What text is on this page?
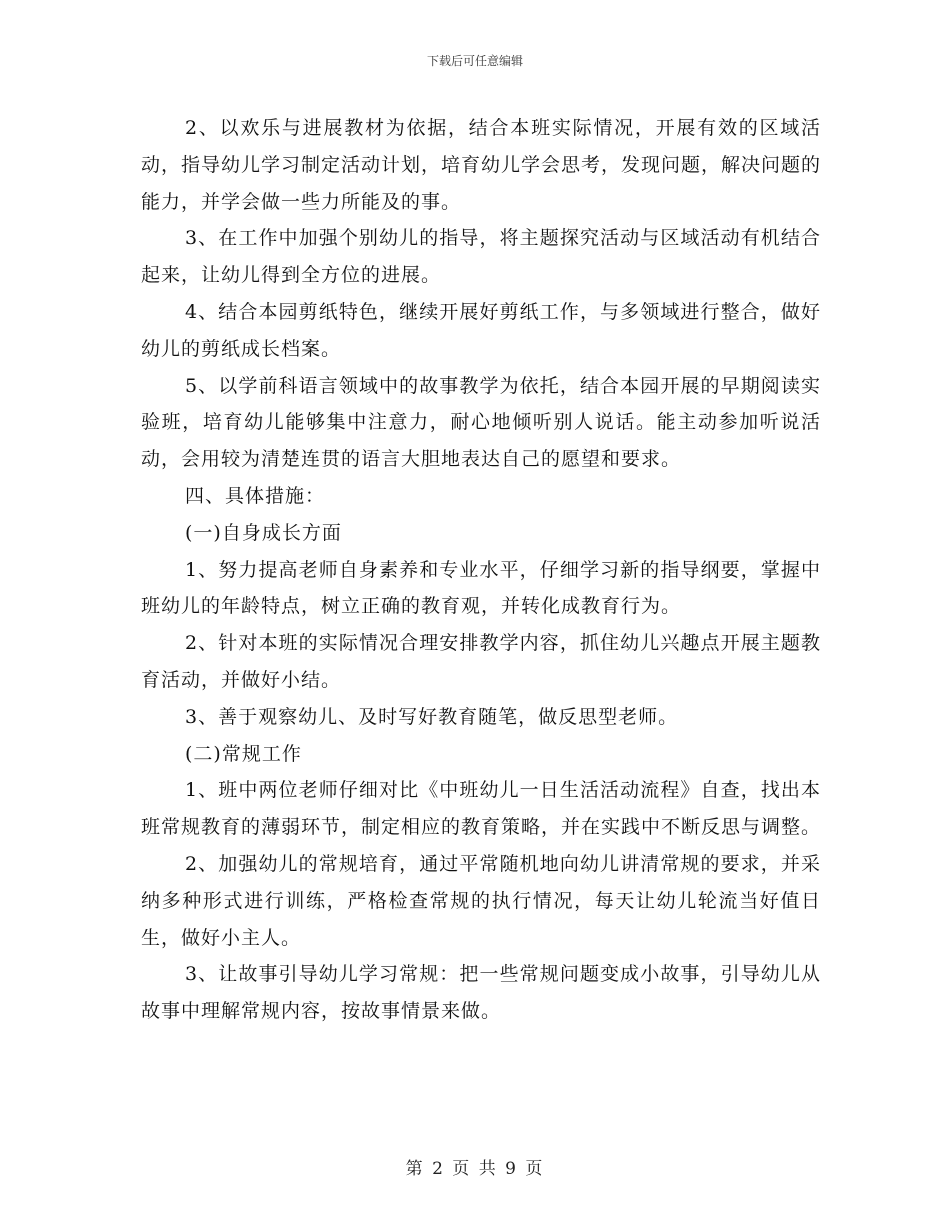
下载后可任意编辑

2、以欢乐与进展教材为依据，结合本班实际情况，开展有效的区域活动，指导幼儿学习制定活动计划，培育幼儿学会思考，发现问题，解决问题的能力，并学会做一些力所能及的事。

3、在工作中加强个别幼儿的指导，将主题探究活动与区域活动有机结合起来，让幼儿得到全方位的进展。

4、结合本园剪纸特色，继续开展好剪纸工作，与多领域进行整合，做好幼儿的剪纸成长档案。

5、以学前科语言领域中的故事教学为依托，结合本园开展的早期阅读实验班，培育幼儿能够集中注意力，耐心地倾听别人说话。能主动参加听说活动，会用较为清楚连贯的语言大胆地表达自己的愿望和要求。

四、具体措施：

(一)自身成长方面

1、努力提高老师自身素养和专业水平，仔细学习新的指导纲要，掌握中班幼儿的年龄特点，树立正确的教育观，并转化成教育行为。

2、针对本班的实际情况合理安排教学内容，抓住幼儿兴趣点开展主题教育活动，并做好小结。

3、善于观察幼儿、及时写好教育随笔，做反思型老师。

(二)常规工作

1、班中两位老师仔细对比《中班幼儿一日生活活动流程》自查，找出本班常规教育的薄弱环节，制定相应的教育策略，并在实践中不断反思与调整。

2、加强幼儿的常规培育，通过平常随机地向幼儿讲清常规的要求，并采纳多种形式进行训练，严格检查常规的执行情况，每天让幼儿轮流当好值日生，做好小主人。

3、让故事引导幼儿学习常规：把一些常规问题变成小故事，引导幼儿从故事中理解常规内容，按故事情景来做。

第 2 页 共 9 页
